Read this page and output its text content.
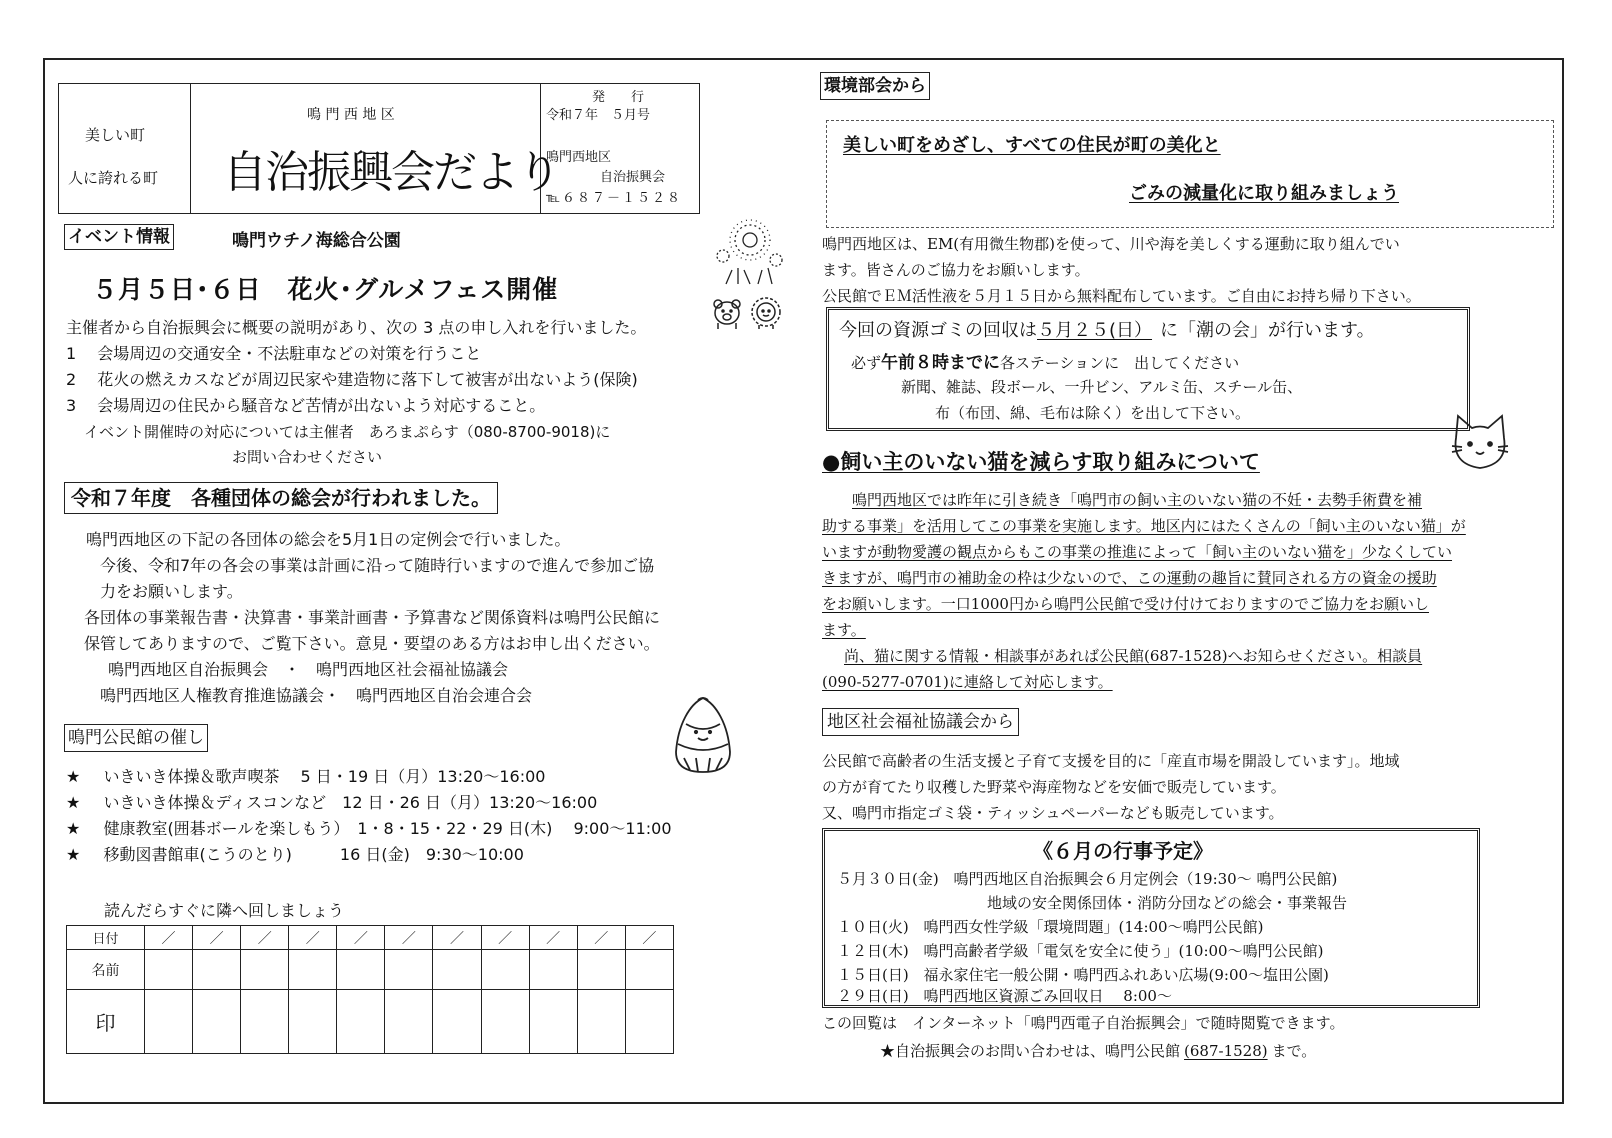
美しい町
人に誇れる町
鳴 門 西 地 区
自治振興会だより
発　　行
令和７年　５月号
鳴門西地区
自治振興会
℡６８７－１５２８
イベント情報	鳴門ウチノ海総合公園
５月５日･６日　花火･グルメフェス開催
主催者から自治振興会に概要の説明があり、次の 3 点の申し入れを行いました。
1　 会場周辺の交通安全・不法駐車などの対策を行うこと
2　 花火の燃えカスなどが周辺民家や建造物に落下して被害が出ないよう(保険)
3　 会場周辺の住民から騒音など苦情が出ないよう対応すること。
イベント開催時の対応については主催者　あろまぷらす（080-8700-9018)に
お問い合わせください
令和７年度　各種団体の総会が行われました。
鳴門西地区の下記の各団体の総会を5月1日の定例会で行いました。
今後、令和7年の各会の事業は計画に沿って随時行いますので進んで参加ご協
力をお願いします。
各団体の事業報告書・決算書・事業計画書・予算書など関係資料は鳴門公民館に
保管してありますので、ご覧下さい。意見・要望のある方はお申し出ください。
鳴門西地区自治振興会　・　鳴門西地区社会福祉協議会
鳴門西地区人権教育推進協議会・　鳴門西地区自治会連合会
鳴門公民館の催し
★ いきいき体操＆歌声喫茶　 5 日・19 日（月）13:20～16:00
★ いきいき体操＆ディスコンなど　12 日・26 日（月）13:20～16:00
★ 健康教室(囲碁ボールを楽しもう）　1・8・15・22・29 日(木)　 9:00～11:00
★ 移動図書館車(こうのとり)　　　16 日(金)　9:30～10:00
読んだらすぐに隣へ回しましょう
日付	／	／	／	／	／	／	／	／	／	／	／
名前											
印											
環境部会から
美しい町をめざし、すべての住民が町の美化と
ごみの減量化に取り組みましょう
鳴門西地区は、EM(有用微生物郡)を使って、川や海を美しくする運動に取り組んでい
ます。皆さんのご協力をお願いします。
公民館でＥＭ活性液を５月１５日から無料配布しています。ご自由にお持ち帰り下さい。
今回の資源ゴミの回収は５月２５(日） に「潮の会」が行います。
必ず午前８時までに各ステーションに　出してください
新聞、雑誌、段ボール、一升ビン、アルミ缶、スチール缶、
布（布団、綿、毛布は除く）を出して下さい。
●飼い主のいない猫を減らす取り組みについて
鳴門西地区では昨年に引き続き「鳴門市の飼い主のいない猫の不妊・去勢手術費を補
助する事業」を活用してこの事業を実施します。地区内にはたくさんの「飼い主のいない猫」が
いますが動物愛護の観点からもこの事業の推進によって「飼い主のいない猫を」少なくしてい
きますが、鳴門市の補助金の枠は少ないので、この運動の趣旨に賛同される方の資金の援助
をお願いします。一口1000円から鳴門公民館で受け付けておりますのでご協力をお願いし
ます。
尚、猫に関する情報・相談事があれば公民館(687-1528)へお知らせください。相談員
(090-5277-0701)に連絡して対応します。
地区社会福祉協議会から
公民館で高齢者の生活支援と子育て支援を目的に「産直市場を開設しています」。地域
の方が育てたり収穫した野菜や海産物などを安価で販売しています。
又、鳴門市指定ゴミ袋・ティッシュペーパーなども販売しています。
《６月の行事予定》
５月３０日(金) 鳴門西地区自治振興会６月定例会（19:30～ 鳴門公民館)
地域の安全関係団体・消防分団などの総会・事業報告
１０日(火) 鳴門西女性学級「環境問題」(14:00～鳴門公民館)
１２日(木) 鳴門高齢者学級「電気を安全に使う」(10:00～鳴門公民館)
１５日(日) 福永家住宅一般公開・鳴門西ふれあい広場(9:00～塩田公園)
２９日(日) 鳴門西地区資源ごみ回収日　 8:00～
この回覧は　インターネット「鳴門西電子自治振興会」で随時閲覧できます。
★自治振興会のお問い合わせは、鳴門公民館 (687-1528) まで。
